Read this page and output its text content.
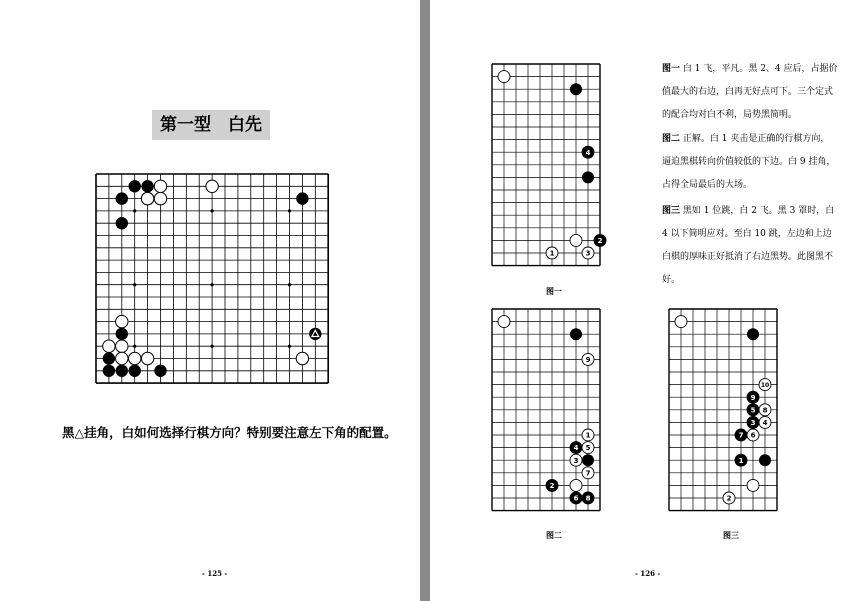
第一型　白先
黑△挂角，白如何选择行棋方向？特别要注意左下角的配置。
- 125 -
1
2
3
4
图一
1
2
3
4 5
6
7
8
9
图二
1
2
3 4
5
6
7
8
9
10
图三
图一 白 1 飞，平凡。黑 2、4 应后，占据价值最大的右边，白再无好点可下。三个定式的配合均对白不利，局势黑简明。
图二 正解。白 1 夹击是正确的行棋方向，逼迫黑棋转向价值较低的下边。白 9 挂角，占得全局最后的大场。
图三 黑如 1 位跳，白 2 飞。黑 3 罩时，白 4 以下简明应对。至白 10 跳，左边和上边白棋的厚味正好抵消了右边黑势。此图黑不好。
- 126 -
